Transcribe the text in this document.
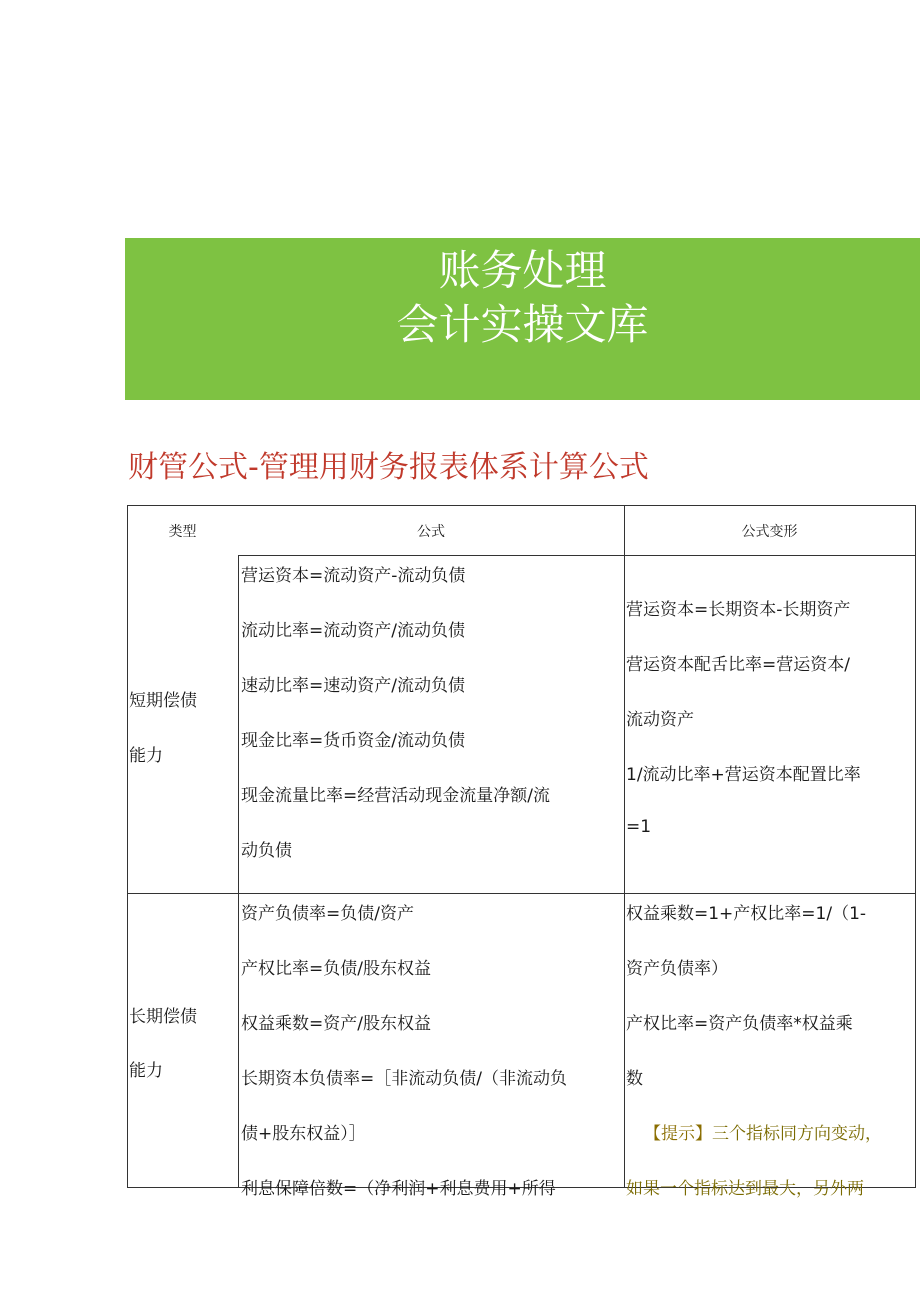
账务处理
会计实操文库
财管公式-管理用财务报表体系计算公式
类型	公式	公式变形
短期偿债
能力
营运资本=流动资产-流动负债
流动比率=流动资产/流动负债
速动比率=速动资产/流动负债
现金比率=货币资金/流动负债
现金流量比率=经营活动现金流量净额/流
动负债
营运资本=长期资本-长期资产
营运资本配舌比率=营运资本/
流动资产
1/流动比率+营运资本配置比率
=1
长期偿债
能力
资产负债率=负债/资产
产权比率=负债/股东权益
权益乘数=资产/股东权益
长期资本负债率=［非流动负债/（非流动负
债+股东权益）］
利息保障倍数=（净利润+利息费用+所得
权益乘数=1+产权比率=1/（1-
资产负债率）
产权比率=资产负债率*权益乘
数
【提示】三个指标同方向变动，
如果一个指标达到最大，另外两
